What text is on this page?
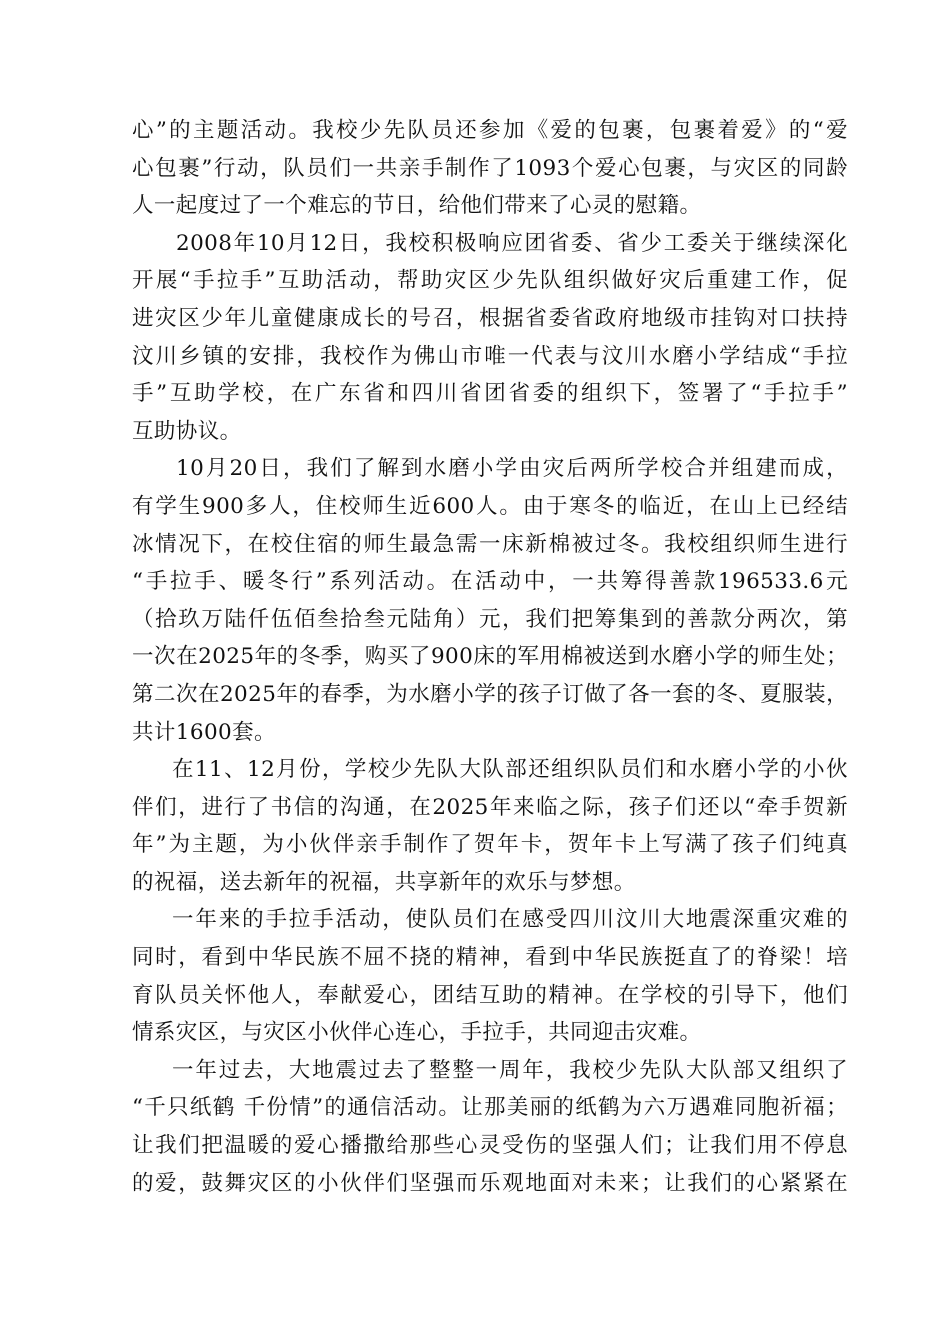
心”的主题活动。我校少先队员还参加《爱的包裹，包裹着爱》的“爱
心包裹”行动，队员们一共亲手制作了1093个爱心包裹，与灾区的同龄
人一起度过了一个难忘的节日，给他们带来了心灵的慰籍。
2008年10月12日，我校积极响应团省委、省少工委关于继续深化
开展“手拉手”互助活动，帮助灾区少先队组织做好灾后重建工作，促
进灾区少年儿童健康成长的号召，根据省委省政府地级市挂钩对口扶持
汶川乡镇的安排，我校作为佛山市唯一代表与汶川水磨小学结成“手拉
手”互助学校，在广东省和四川省团省委的组织下，签署了“手拉手”
互助协议。
10月20日，我们了解到水磨小学由灾后两所学校合并组建而成，
有学生900多人，住校师生近600人。由于寒冬的临近，在山上已经结
冰情况下，在校住宿的师生最急需一床新棉被过冬。我校组织师生进行
“手拉手、暖冬行”系列活动。在活动中，一共筹得善款196533.6元
（拾玖万陆仟伍佰叁拾叁元陆角）元，我们把筹集到的善款分两次，第
一次在2025年的冬季，购买了900床的军用棉被送到水磨小学的师生处；
第二次在2025年的春季，为水磨小学的孩子订做了各一套的冬、夏服装，
共计1600套。
在11、12月份，学校少先队大队部还组织队员们和水磨小学的小伙
伴们，进行了书信的沟通，在2025年来临之际，孩子们还以“牵手贺新
年”为主题，为小伙伴亲手制作了贺年卡，贺年卡上写满了孩子们纯真
的祝福，送去新年的祝福，共享新年的欢乐与梦想。
一年来的手拉手活动，使队员们在感受四川汶川大地震深重灾难的
同时，看到中华民族不屈不挠的精神，看到中华民族挺直了的脊梁！培
育队员关怀他人，奉献爱心，团结互助的精神。在学校的引导下，他们
情系灾区，与灾区小伙伴心连心，手拉手，共同迎击灾难。
一年过去，大地震过去了整整一周年，我校少先队大队部又组织了
“千只纸鹤 千份情”的通信活动。让那美丽的纸鹤为六万遇难同胞祈福；
让我们把温暖的爱心播撒给那些心灵受伤的坚强人们；让我们用不停息
的爱，鼓舞灾区的小伙伴们坚强而乐观地面对未来；让我们的心紧紧在
